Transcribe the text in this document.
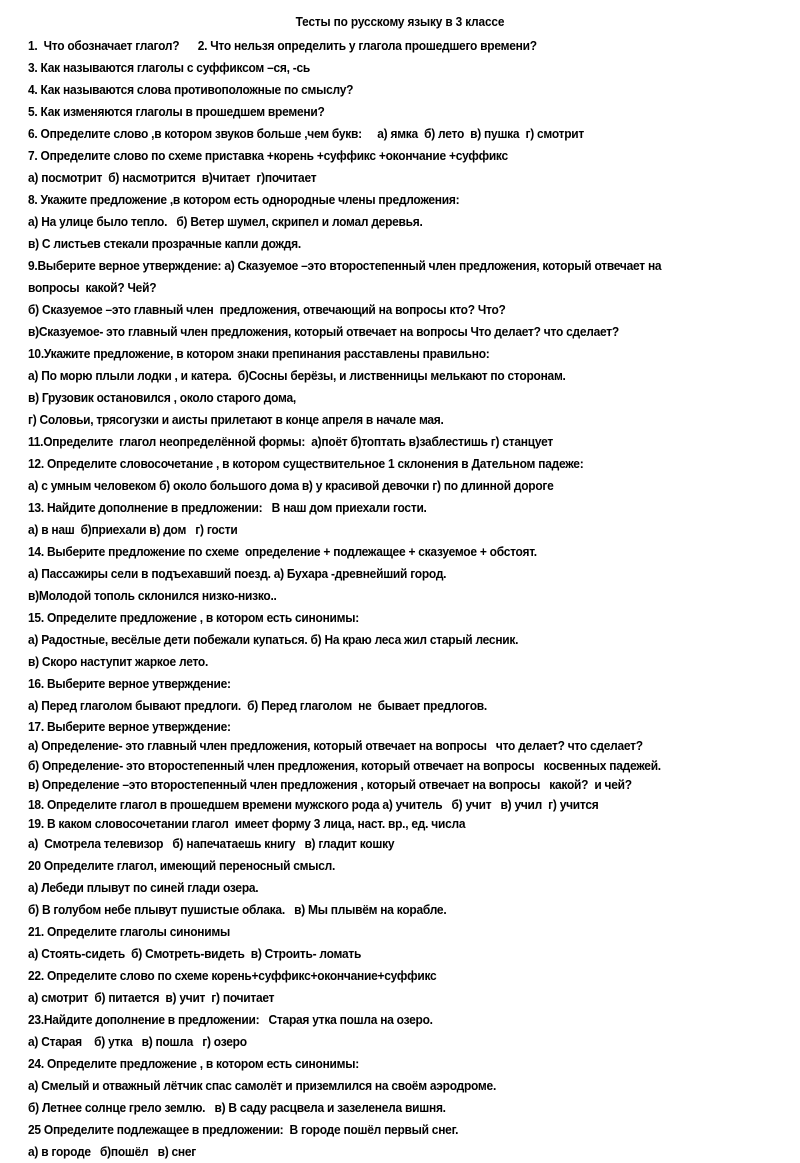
Тесты по русскому языку в 3 классе
1.  Что обозначает глагол?      2. Что нельзя определить у глагола прошедшего времени?
3. Как называются глаголы с суффиксом –ся, -сь
4. Как называются слова противоположные по смыслу?
5. Как изменяются глаголы в прошедшем времени?
6. Определите слово ,в котором звуков больше ,чем букв:     а) ямка  б) лето  в) пушка  г) смотрит
7. Определите слово по схеме приставка +корень +суффикс +окончание +суффикс
а) посмотрит  б) насмотрится  в)читает  г)почитает
8. Укажите предложение ,в котором есть однородные члены предложения:
а) На улице было тепло.   б) Ветер шумел, скрипел и ломал деревья.
в) С листьев стекали прозрачные капли дождя.
9.Выберите верное утверждение: а) Сказуемое –это второстепенный член предложения, который отвечает на
вопросы  какой? Чей?
б) Сказуемое –это главный член  предложения, отвечающий на вопросы кто? Что?
в)Сказуемое- это главный член предложения, который отвечает на вопросы Что делает? что сделает?
10.Укажите предложение, в котором знаки препинания расставлены правильно:
а) По морю плыли лодки , и катера.  б)Сосны берёзы, и лиственницы мелькают по сторонам.
в) Грузовик остановился , около старого дома,
г) Соловьи, трясогузки и аисты прилетают в конце апреля в начале мая.
11.Определите  глагол неопределённой формы:  а)поёт б)топтать в)заблестишь г) станцует
12. Определите словосочетание , в котором существительное 1 склонения в Дательном падеже:
а) с умным человеком б) около большого дома в) у красивой девочки г) по длинной дороге
13. Найдите дополнение в предложении:   В наш дом приехали гости.
а) в наш  б)приехали в) дом   г) гости
14. Выберите предложение по схеме  определение + подлежащее + сказуемое + обстоят.
а) Пассажиры сели в подъехавший поезд. а) Бухара -древнейший город.
в)Молодой тополь склонился низко-низко..
15. Определите предложение , в котором есть синонимы:
а) Радостные, весёлые дети побежали купаться. б) На краю леса жил старый лесник.
в) Скоро наступит жаркое лето.
16. Выберите верное утверждение:
а) Перед глаголом бывают предлоги.  б) Перед глаголом  не  бывает предлогов.
17. Выберите верное утверждение:
а) Определение- это главный член предложения, который отвечает на вопросы   что делает? что сделает?
б) Определение- это второстепенный член предложения, который отвечает на вопросы   косвенных падежей.
в) Определение –это второстепенный член предложения , который отвечает на вопросы   какой?  и чей?
18. Определите глагол в прошедшем времени мужского рода а) учитель   б) учит   в) учил  г) учится
19. В каком словосочетании глагол  имеет форму 3 лица, наст. вр., ед. числа
а)  Смотрела телевизор   б) напечатаешь книгу   в) гладит кошку
20 Определите глагол, имеющий переносный смысл.
а) Лебеди плывут по синей глади озера.
б) В голубом небе плывут пушистые облака.   в) Мы плывём на корабле.
21. Определите глаголы синонимы
а) Стоять-сидеть  б) Смотреть-видеть  в) Строить- ломать
22. Определите слово по схеме корень+суффикс+окончание+суффикс
а) смотрит  б) питается  в) учит  г) почитает
23.Найдите дополнение в предложении:   Старая утка пошла на озеро.
а) Старая    б) утка   в) пошла   г) озеро
24. Определите предложение , в котором есть синонимы:
а) Смелый и отважный лётчик спас самолёт и приземлился на своём аэродроме.
б) Летнее солнце грело землю.   в) В саду расцвела и зазеленела вишня.
25 Определите подлежащее в предложении:  В городе пошёл первый снег.
а) в городе   б)пошёл   в) снег
